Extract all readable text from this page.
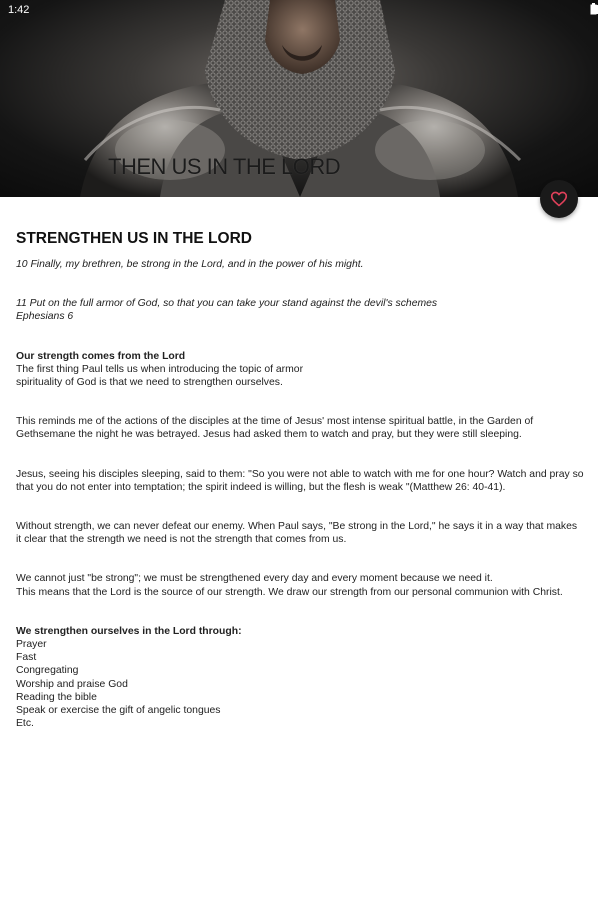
1:42
THEN US IN THE LORD
STRENGTHEN US IN THE LORD
10 Finally, my brethren, be strong in the Lord, and in the power of his might.
11 Put on the full armor of God, so that you can take your stand against the devil's schemes
Ephesians 6
Our strength comes from the Lord
The first thing Paul tells us when introducing the topic of armor
spirituality of God is that we need to strengthen ourselves.
This reminds me of the actions of the disciples at the time of Jesus' most intense spiritual battle, in the Garden of Gethsemane the night he was betrayed. Jesus had asked them to watch and pray, but they were still sleeping.
Jesus, seeing his disciples sleeping, said to them: "So you were not able to watch with me for one hour? Watch and pray so that you do not enter into temptation; the spirit indeed is willing, but the flesh is weak "(Matthew 26: 40-41).
Without strength, we can never defeat our enemy. When Paul says, "Be strong in the Lord," he says it in a way that makes it clear that the strength we need is not the strength that comes from us.
We cannot just "be strong"; we must be strengthened every day and every moment because we need it.
This means that the Lord is the source of our strength. We draw our strength from our personal communion with Christ.
We strengthen ourselves in the Lord through:
Prayer
Fast
Congregating
Worship and praise God
Reading the bible
Speak or exercise the gift of angelic tongues
Etc.
